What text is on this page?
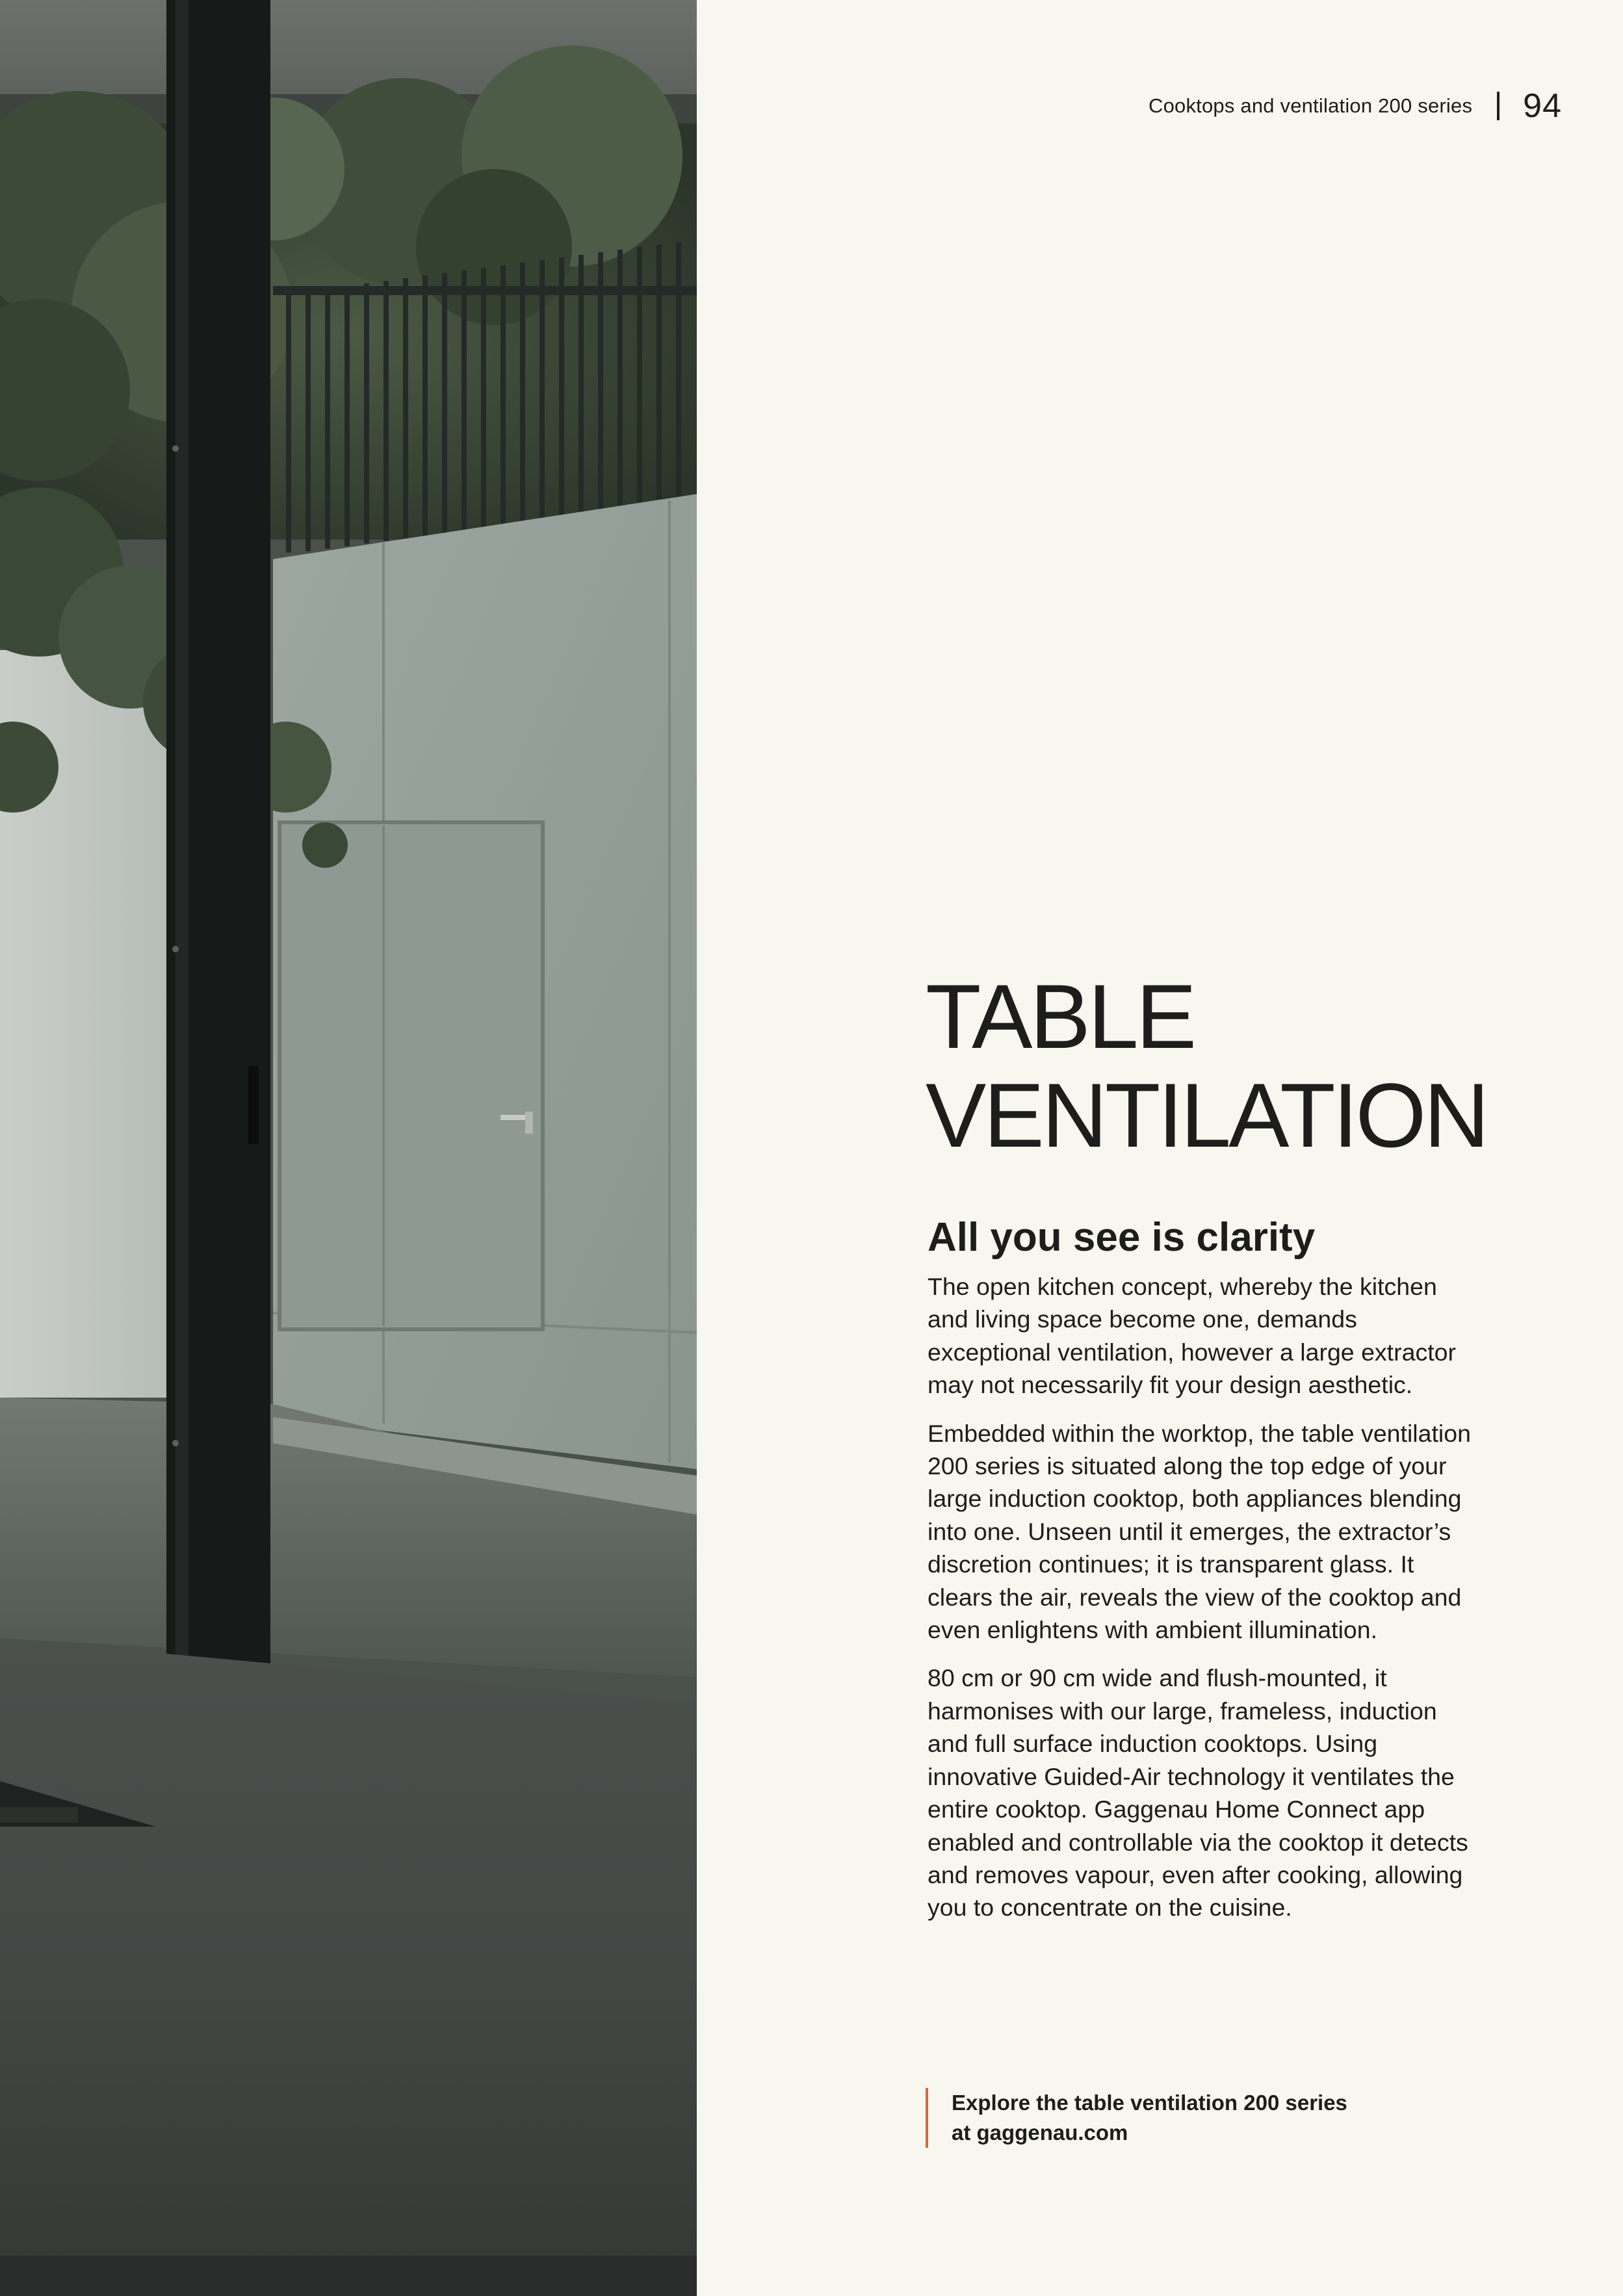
Cooktops and ventilation 200 series 94
TABLE
VENTILATION
All you see is clarity

The open kitchen concept, whereby the kitchen and living space become one, demands exceptional ventilation, however a large extractor may not necessarily fit your design aesthetic.

Embedded within the worktop, the table ventilation 200 series is situated along the top edge of your large induction cooktop, both appliances blending into one. Unseen until it emerges, the extractor’s discretion continues; it is transparent glass. It clears the air, reveals the view of the cooktop and even enlightens with ambient illumination.

80 cm or 90 cm wide and flush-mounted, it harmonises with our large, frameless, induction and full surface induction cooktops. Using innovative Guided-Air technology it ventilates the entire cooktop. Gaggenau Home Connect app enabled and controllable via the cooktop it detects and removes vapour, even after cooking, allowing you to concentrate on the cuisine.

Explore the table ventilation 200 series
at gaggenau.com
